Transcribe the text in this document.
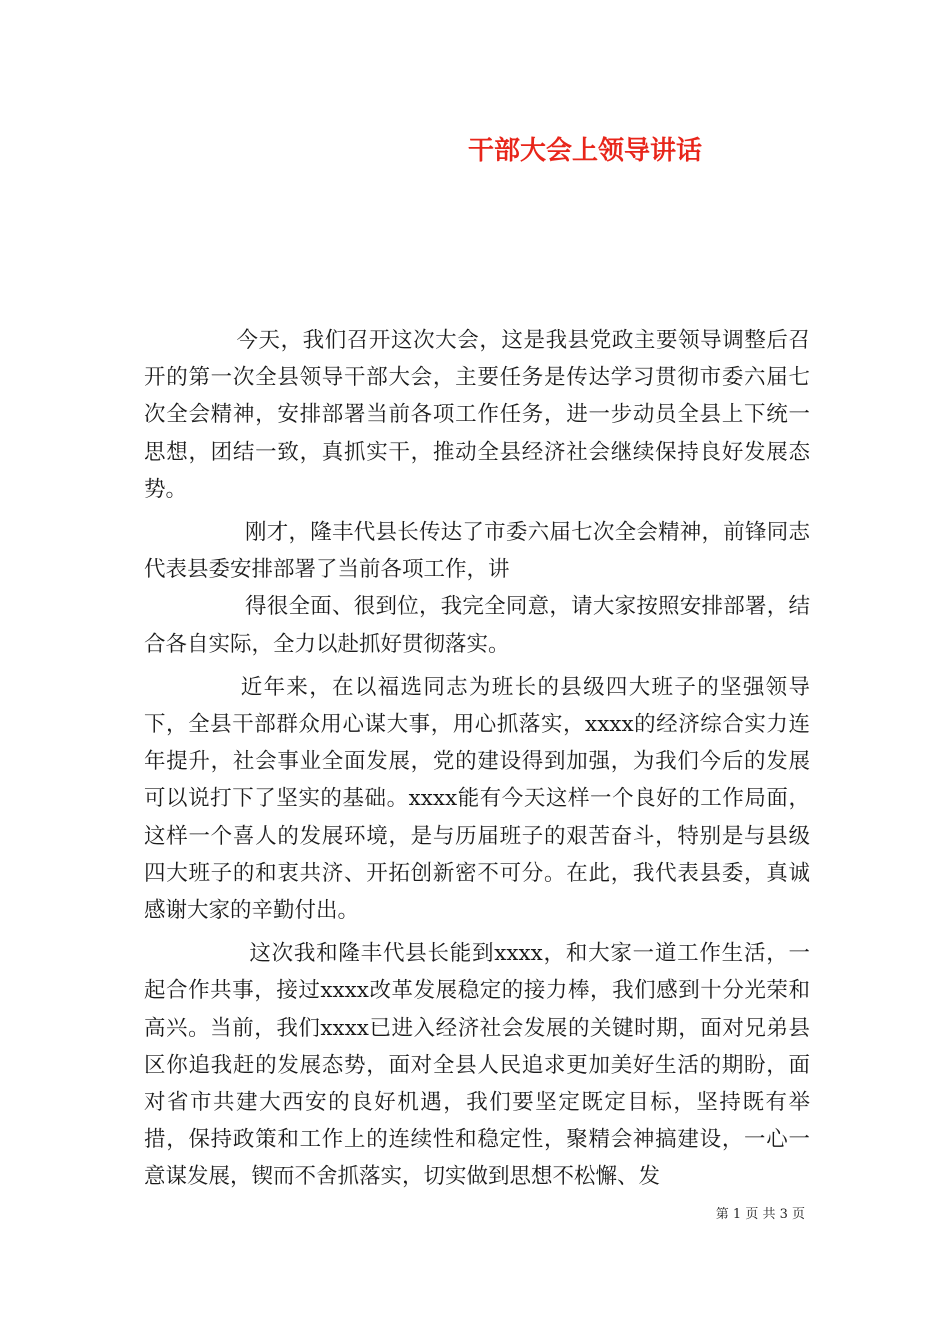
干部大会上领导讲话

今天，我们召开这次大会，这是我县党政主要领导调整后召开的第一次全县领导干部大会，主要任务是传达学习贯彻市委六届七次全会精神，安排部署当前各项工作任务，进一步动员全县上下统一思想，团结一致，真抓实干，推动全县经济社会继续保持良好发展态势。

刚才，隆丰代县长传达了市委六届七次全会精神，前锋同志代表县委安排部署了当前各项工作，讲

得很全面、很到位，我完全同意，请大家按照安排部署，结合各自实际，全力以赴抓好贯彻落实。

近年来，在以福选同志为班长的县级四大班子的坚强领导下，全县干部群众用心谋大事，用心抓落实，xxxx的经济综合实力连年提升，社会事业全面发展，党的建设得到加强，为我们今后的发展可以说打下了坚实的基础。xxxx能有今天这样一个良好的工作局面，这样一个喜人的发展环境，是与历届班子的艰苦奋斗，特别是与县级四大班子的和衷共济、开拓创新密不可分。在此，我代表县委，真诚感谢大家的辛勤付出。

这次我和隆丰代县长能到xxxx，和大家一道工作生活，一起合作共事，接过xxxx改革发展稳定的接力棒，我们感到十分光荣和高兴。当前，我们xxxx已进入经济社会发展的关键时期，面对兄弟县区你追我赶的发展态势，面对全县人民追求更加美好生活的期盼，面对省市共建大西安的良好机遇，我们要坚定既定目标，坚持既有举措，保持政策和工作上的连续性和稳定性，聚精会神搞建设，一心一意谋发展，锲而不舍抓落实，切实做到思想不松懈、发

第 1 页 共 3 页
